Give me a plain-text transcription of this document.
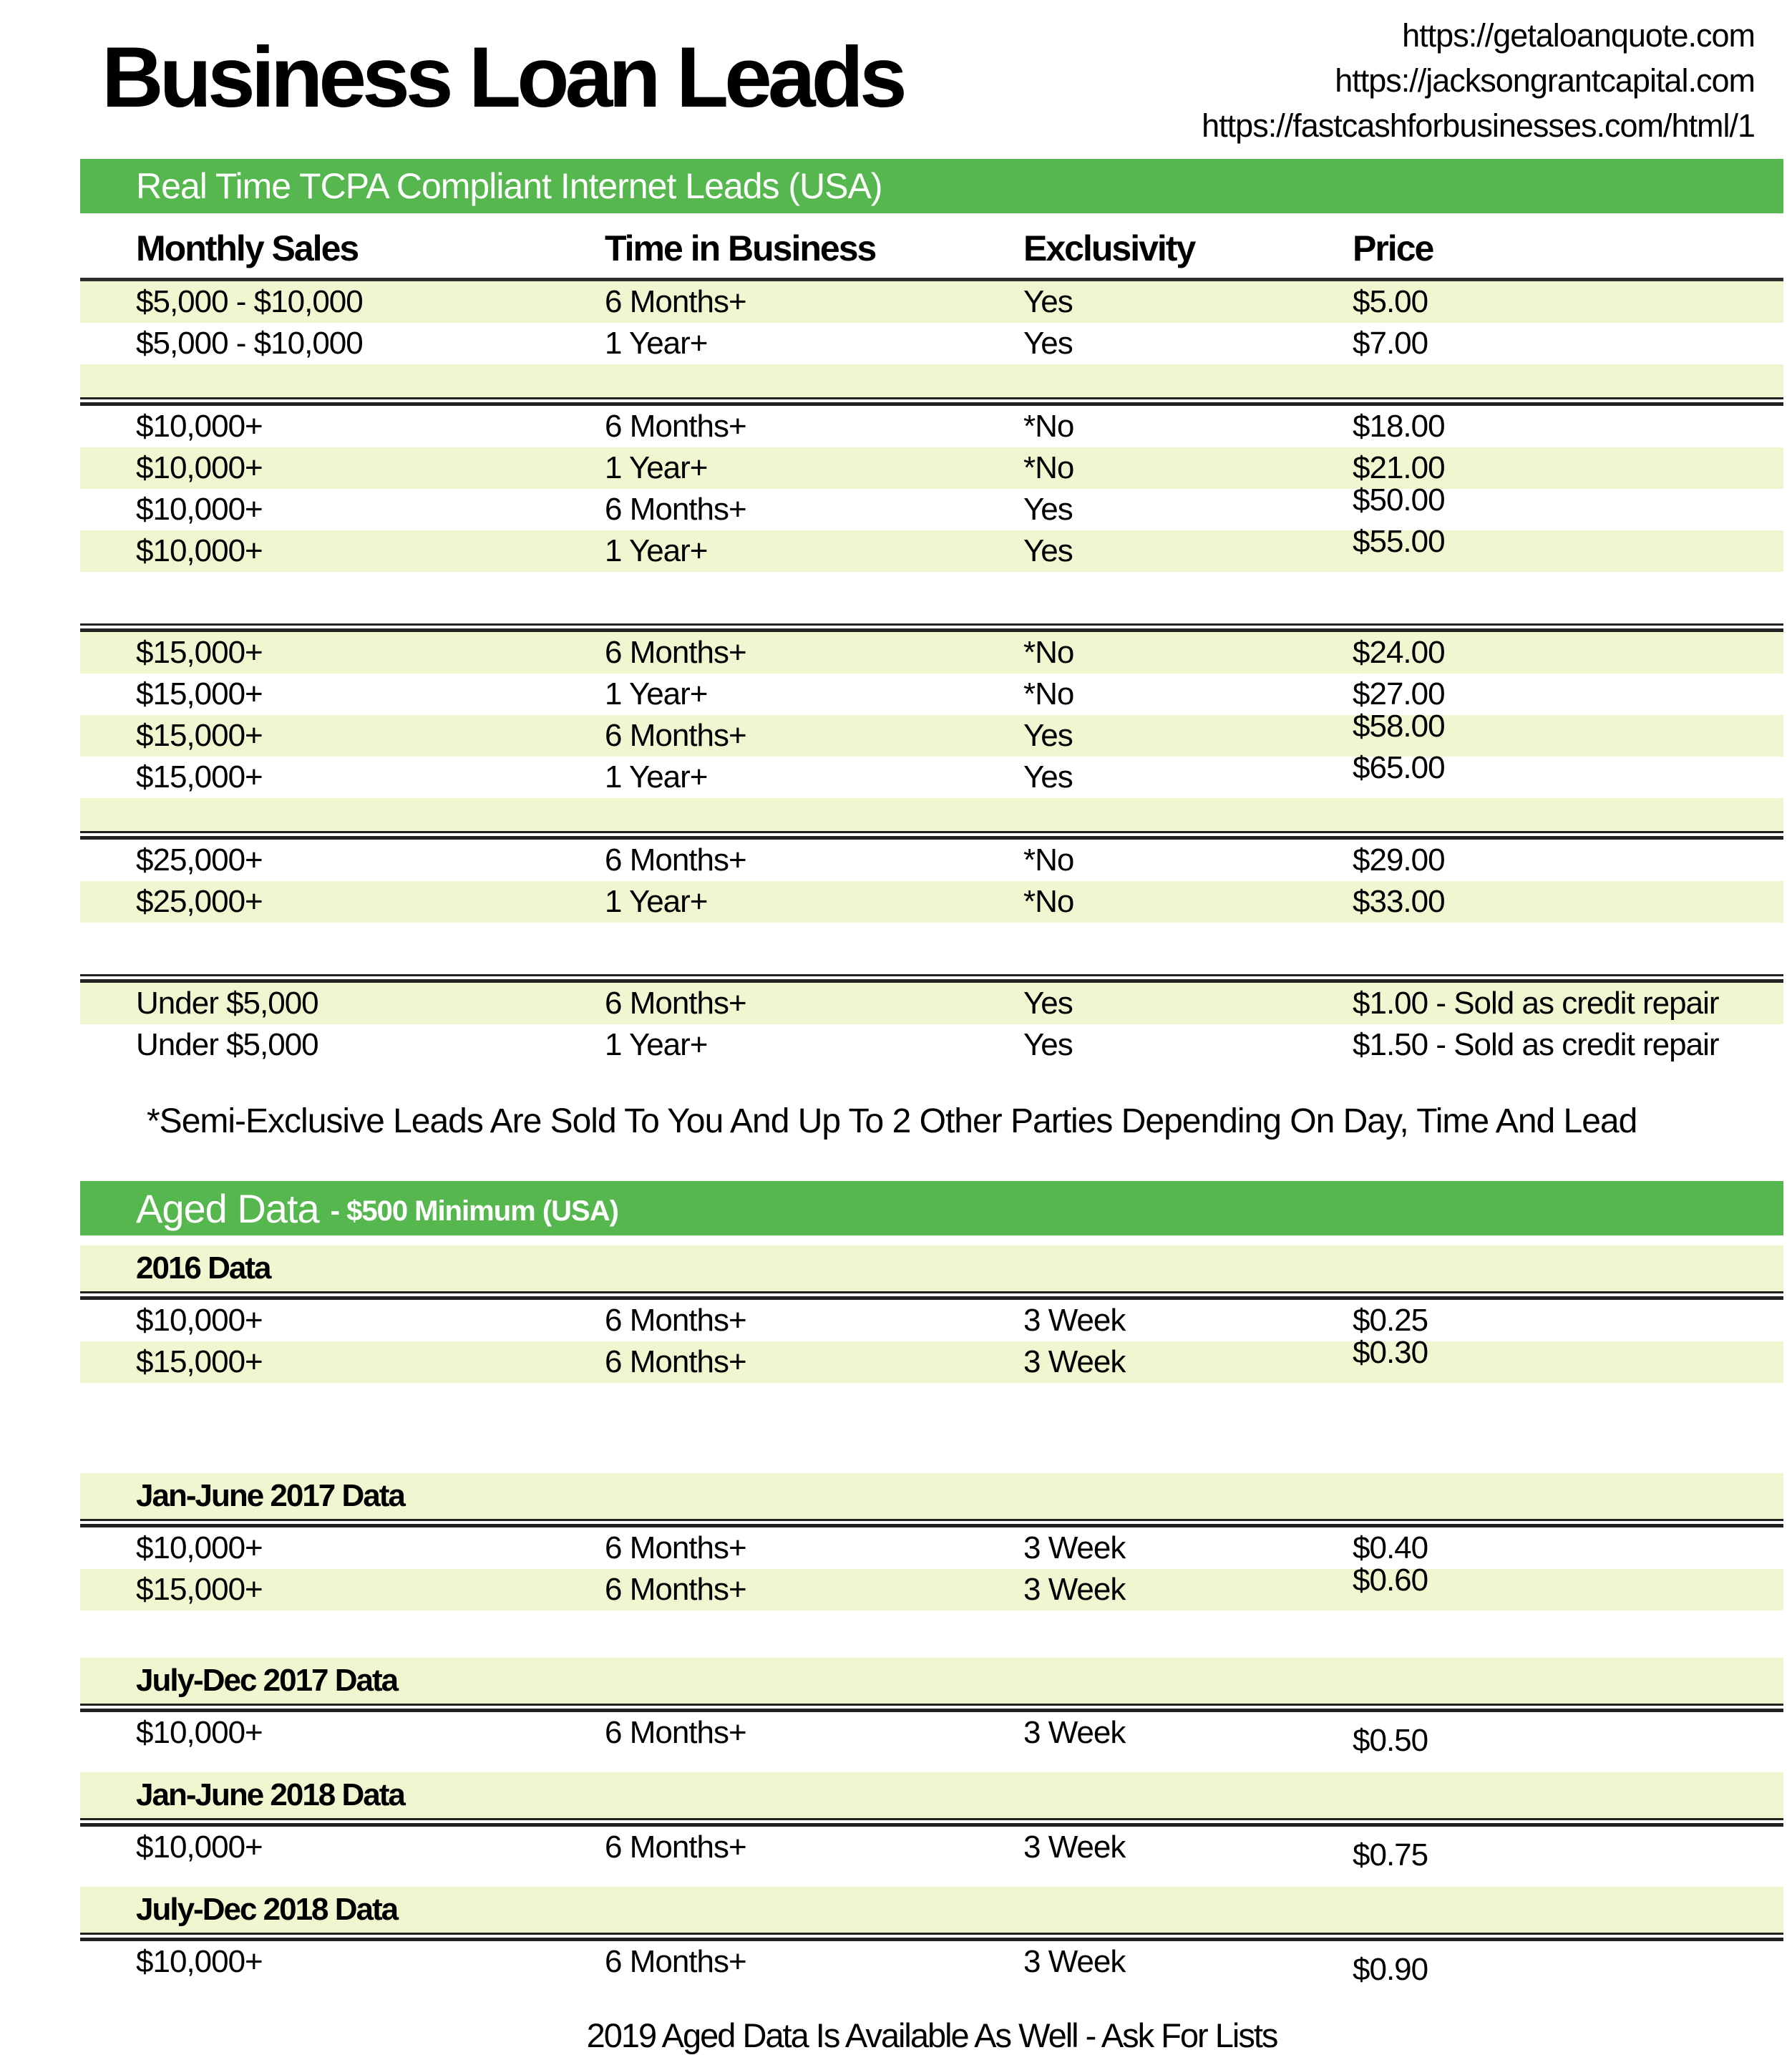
Business Loan Leads	https://getaloanquote.com
https://jacksongrantcapital.com
https://fastcashforbusinesses.com/html/1
Real Time TCPA Compliant Internet Leads (USA)
Monthly Sales	Time in Business	Exclusivity	Price
$5,000 - $10,000	6 Months+	Yes	$5.00
$5,000 - $10,000	1 Year+	Yes	$7.00
$10,000+	6 Months+	*No	$18.00
$10,000+	1 Year+	*No	$21.00
$10,000+	6 Months+	Yes	$50.00
$10,000+	1 Year+	Yes	$55.00
$15,000+	6 Months+	*No	$24.00
$15,000+	1 Year+	*No	$27.00
$15,000+	6 Months+	Yes	$58.00
$15,000+	1 Year+	Yes	$65.00
$25,000+	6 Months+	*No	$29.00
$25,000+	1 Year+	*No	$33.00
Under $5,000	6 Months+	Yes	$1.00 - Sold as credit repair
Under $5,000	1 Year+	Yes	$1.50 - Sold as credit repair
*Semi-Exclusive Leads Are Sold To You And Up To 2 Other Parties Depending On Day, Time And Lead
Aged Data - $500 Minimum (USA)
2016 Data
$10,000+	6 Months+	3 Week	$0.25
$15,000+	6 Months+	3 Week	$0.30
Jan-June 2017 Data
$10,000+	6 Months+	3 Week	$0.40
$15,000+	6 Months+	3 Week	$0.60
July-Dec 2017 Data
$10,000+	6 Months+	3 Week	$0.50
Jan-June 2018 Data
$10,000+	6 Months+	3 Week	$0.75
July-Dec 2018 Data
$10,000+	6 Months+	3 Week	$0.90
2019 Aged Data Is Available As Well - Ask For Lists
